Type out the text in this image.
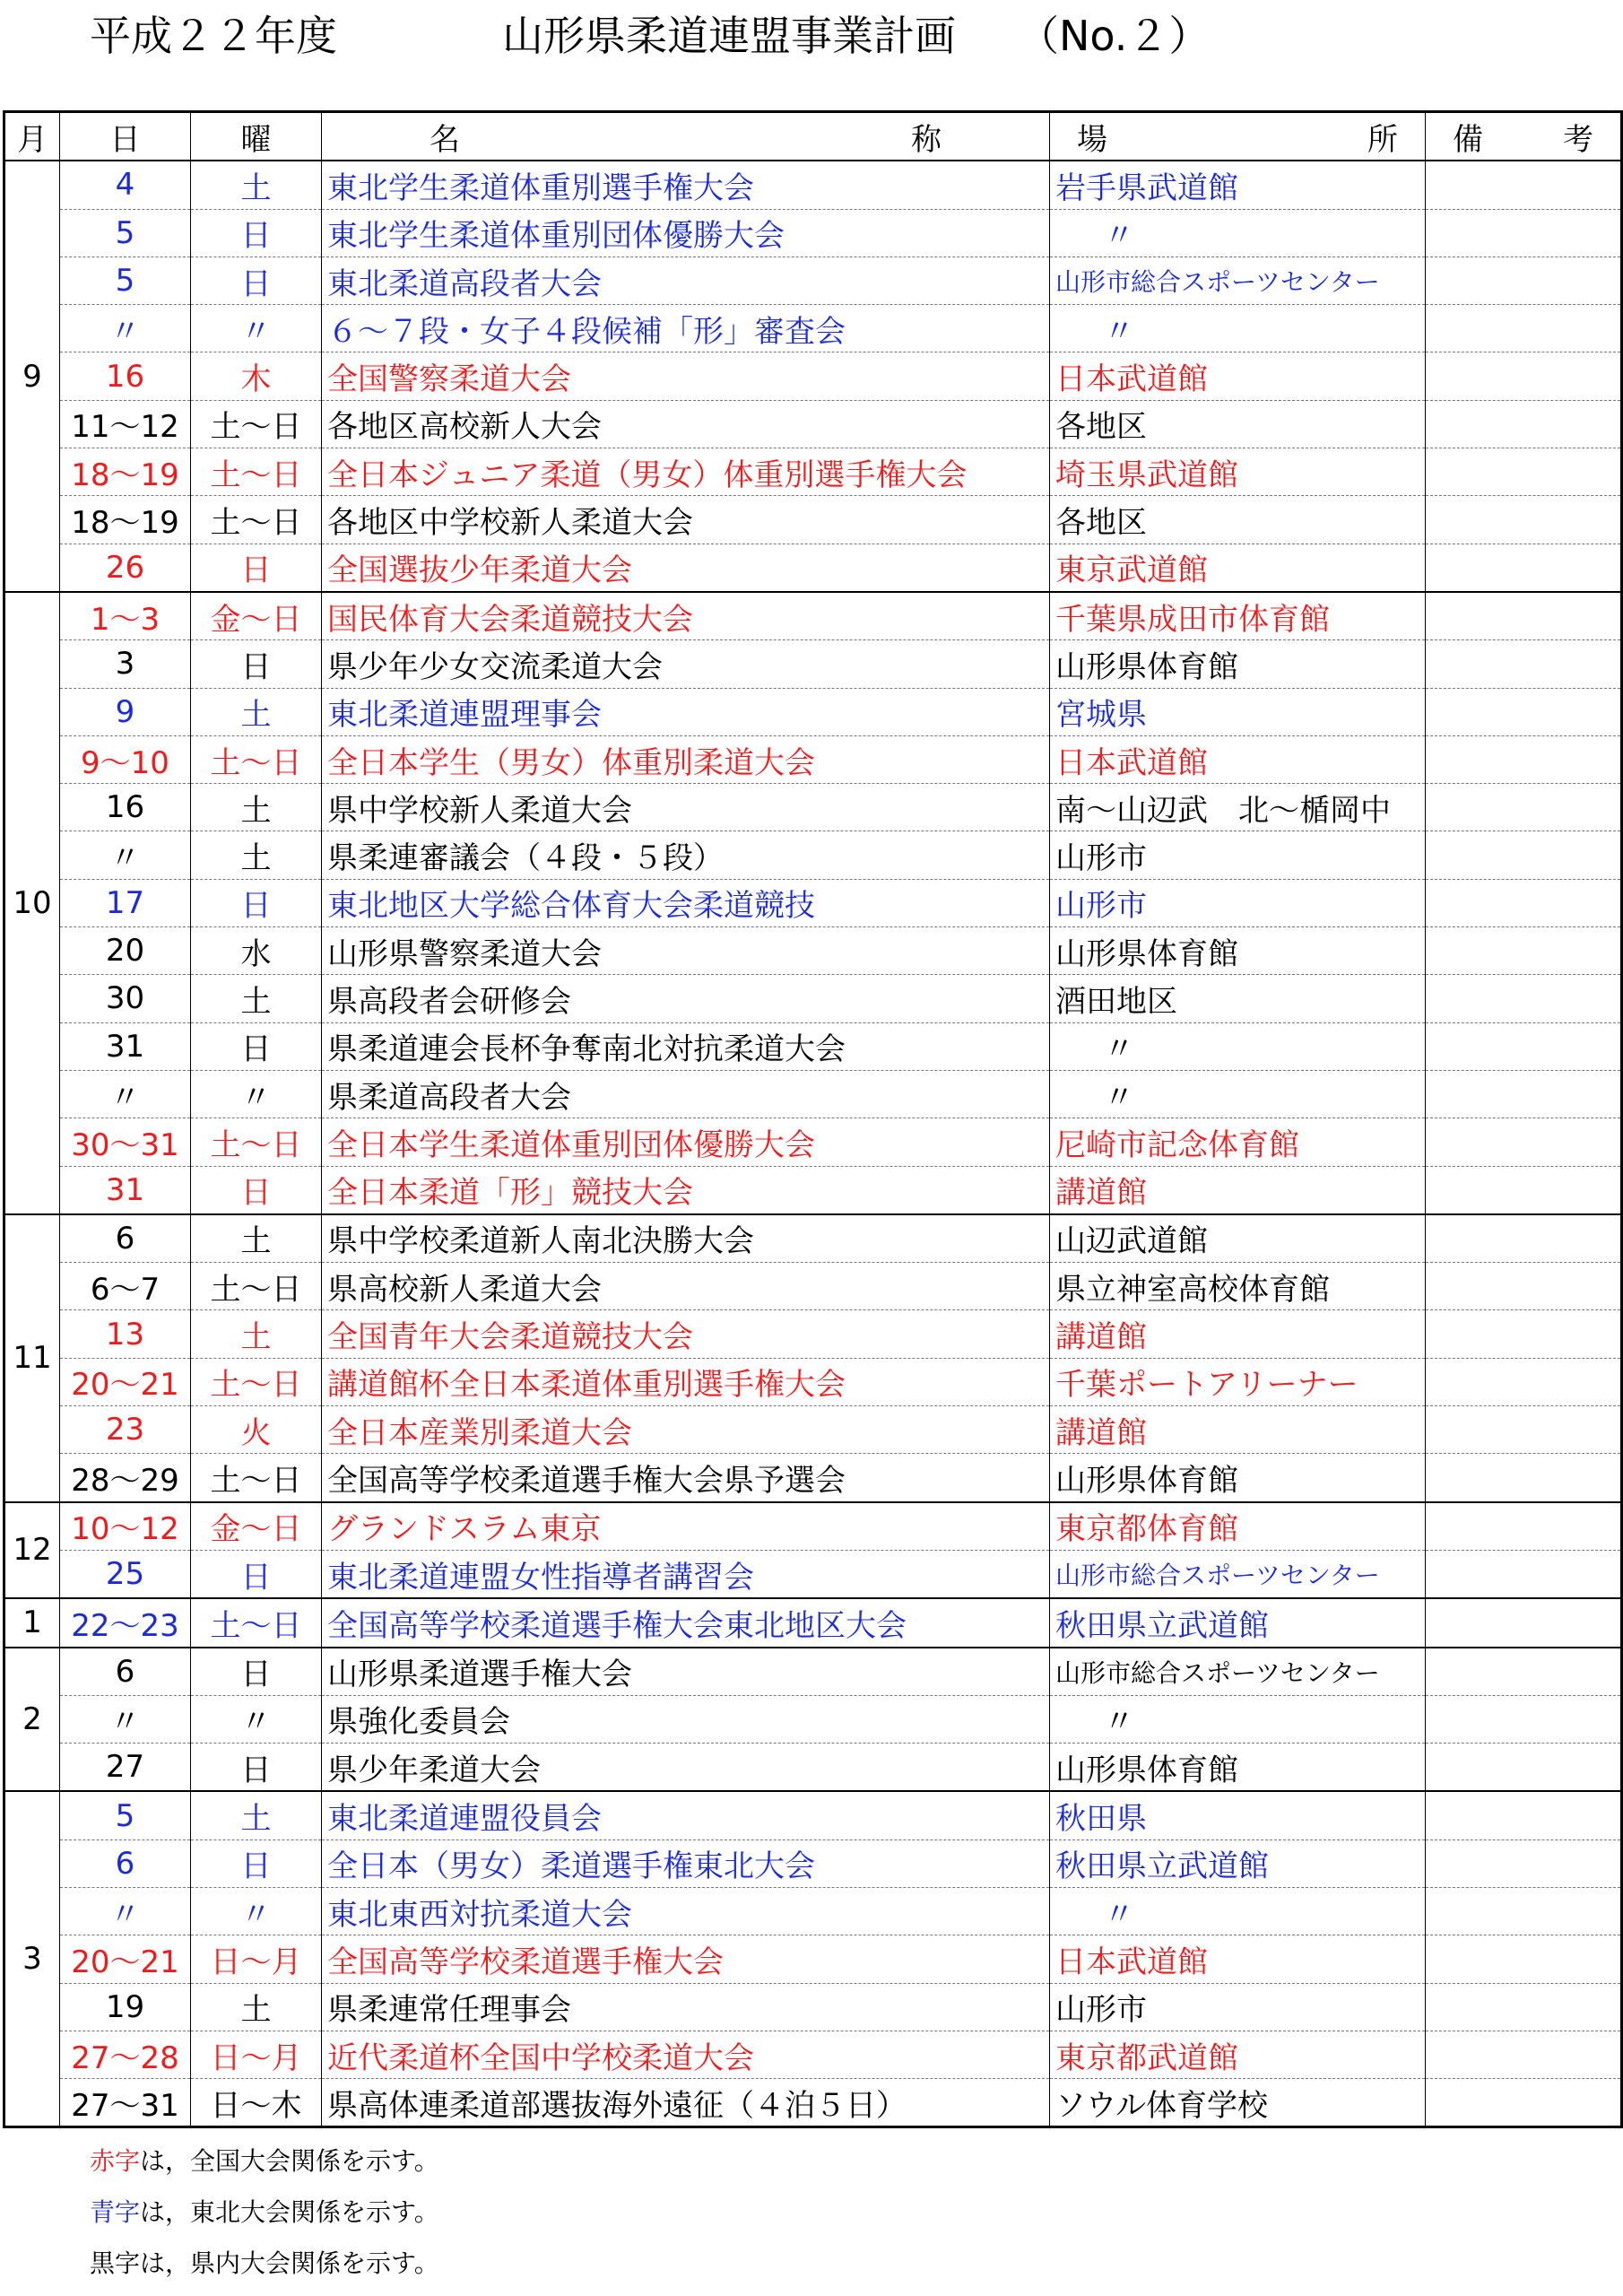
平成２２年度　　　　山形県柔道連盟事業計画　　（No.２）
月	日	曜	名 称	場 所	備 考

9	4	土	東北学生柔道体重別選手権大会	岩手県武道館	
	5	日	東北学生柔道体重別団体優勝大会	〃	
	5	日	東北柔道高段者大会	山形市総合スポーツセンター	
	〃	〃	６～７段・女子４段候補「形」審査会	〃	
	16	木	全国警察柔道大会	日本武道館	
	11～12	土～日	各地区高校新人大会	各地区	
	18～19	土～日	全日本ジュニア柔道（男女）体重別選手権大会	埼玉県武道館	
	18～19	土～日	各地区中学校新人柔道大会	各地区	
	26	日	全国選抜少年柔道大会	東京武道館	
10	1～3	金～日	国民体育大会柔道競技大会	千葉県成田市体育館	
	3	日	県少年少女交流柔道大会	山形県体育館	
	9	土	東北柔道連盟理事会	宮城県	
	9～10	土～日	全日本学生（男女）体重別柔道大会	日本武道館	
	16	土	県中学校新人柔道大会	南～山辺武　北～楯岡中	
	〃	土	県柔連審議会（４段・５段）	山形市	
	17	日	東北地区大学総合体育大会柔道競技	山形市	
	20	水	山形県警察柔道大会	山形県体育館	
	30	土	県高段者会研修会	酒田地区	
	31	日	県柔道連会長杯争奪南北対抗柔道大会	〃	
	〃	〃	県柔道高段者大会	〃	
	30～31	土～日	全日本学生柔道体重別団体優勝大会	尼崎市記念体育館	
	31	日	全日本柔道「形」競技大会	講道館	
11	6	土	県中学校柔道新人南北決勝大会	山辺武道館	
	6～7	土～日	県高校新人柔道大会	県立神室高校体育館	
	13	土	全国青年大会柔道競技大会	講道館	
	20～21	土～日	講道館杯全日本柔道体重別選手権大会	千葉ポートアリーナー	
	23	火	全日本産業別柔道大会	講道館	
	28～29	土～日	全国高等学校柔道選手権大会県予選会	山形県体育館	
12	10～12	金～日	グランドスラム東京	東京都体育館	
	25	日	東北柔道連盟女性指導者講習会	山形市総合スポーツセンター	
1	22～23	土～日	全国高等学校柔道選手権大会東北地区大会	秋田県立武道館	
2	6	日	山形県柔道選手権大会	山形市総合スポーツセンター	
	〃	〃	県強化委員会	〃	
	27	日	県少年柔道大会	山形県体育館	
3	5	土	東北柔道連盟役員会	秋田県	
	6	日	全日本（男女）柔道選手権東北大会	秋田県立武道館	
	〃	〃	東北東西対抗柔道大会	〃	
	20～21	日～月	全国高等学校柔道選手権大会	日本武道館	
	19	土	県柔連常任理事会	山形市	
	27～28	日～月	近代柔道杯全国中学校柔道大会	東京都武道館	
	27～31	日～木	県高体連柔道部選抜海外遠征（４泊５日）	ソウル体育学校	
赤字は，全国大会関係を示す。
青字は，東北大会関係を示す。
黒字は，県内大会関係を示す。
